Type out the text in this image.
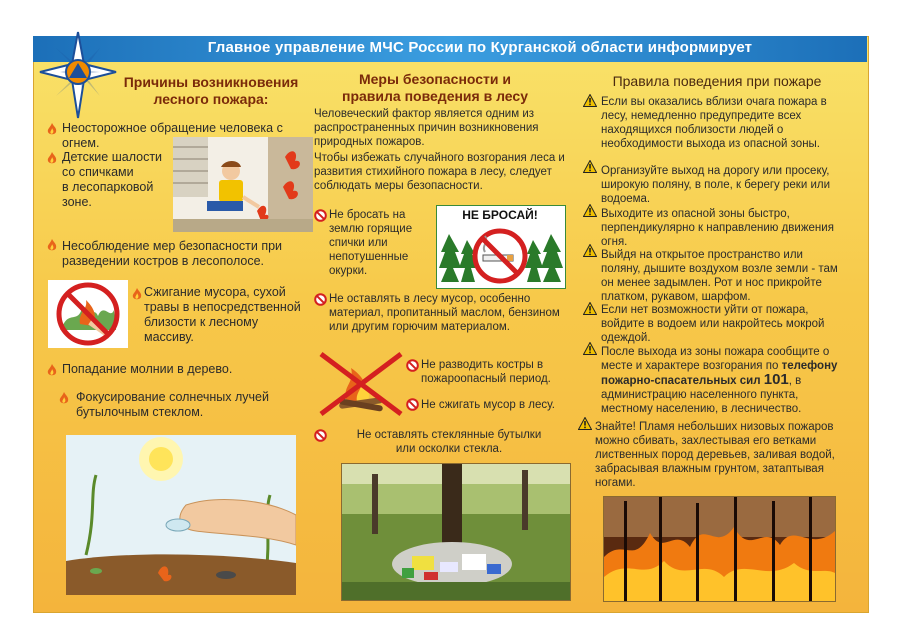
Главное управление МЧС России по Курганской области информирует
Причины возникновения
лесного пожара:
Неосторожное обращение человека с огнем.
Детские шалости
со спичками
в лесопарковой
зоне.
Несоблюдение мер безопасности при разведении костров в лесополосе.
Сжигание мусора, сухой
травы в непосредственной
близости к лесному
массиву.
Попадание молнии в дерево.
Фокусирование солнечных лучей
бутылочным стеклом.
Меры безопасности и
правила поведения в лесу
Человеческий фактор является одним из распространенных причин возникновения природных пожаров.
Чтобы избежать случайного возгорания леса и развития стихийного пожара в лесу, следует соблюдать меры безопасности.
Не бросать на
землю горящие
спички или
непотушенные
окурки.
НЕ БРОСАЙ!
Не оставлять в лесу мусор, особенно материал, пропитанный маслом, бензином или другим горючим материалом.
Не разводить костры в
пожароопасный период.
Не сжигать мусор в лесу.
Не оставлять стеклянные бутылки
или осколки стекла.
Правила поведения при пожаре
Если вы оказались вблизи очага пожара в лесу, немедленно предупредите всех находящихся поблизости людей о необходимости выхода из опасной зоны.
Организуйте выход на дорогу или просеку, широкую поляну, в поле, к берегу реки или водоема.
Выходите из опасной зоны быстро, перпендикулярно к направлению движения огня.
Выйдя на открытое пространство или поляну, дышите воздухом возле земли - там он менее задымлен. Рот и нос прикройте платком, рукавом, шарфом.
Если нет возможности уйти от пожара, войдите в водоем или накройтесь мокрой одеждой.
После выхода из зоны пожара сообщите о месте и характере возгорания по телефону пожарно-спасательных сил 101, в администрацию населенного пункта, местному населению, в лесничество.
Знайте! Пламя небольших низовых пожаров можно сбивать, захлестывая его ветками лиственных пород деревьев, заливая водой, забрасывая влажным грунтом, затаптывая ногами.
